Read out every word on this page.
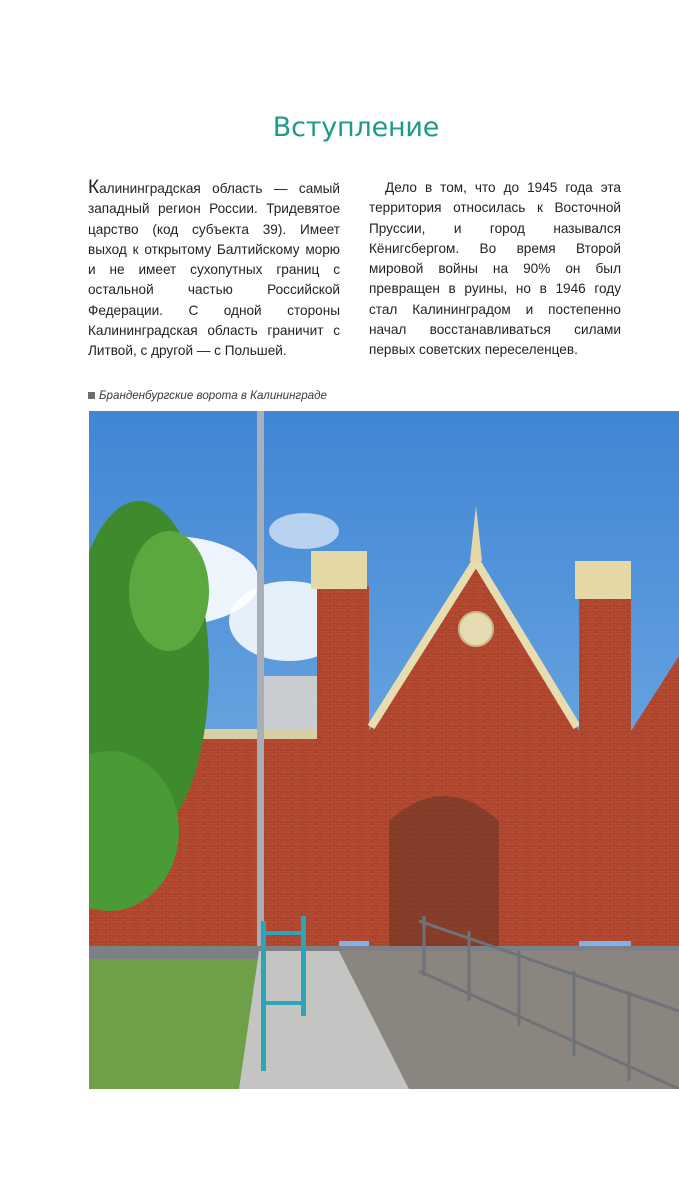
Вступление

Калининградская область — самый западный регион России. Тридевятое царство (код субъекта 39). Имеет выход к открытому Балтийскому морю и не имеет сухопутных границ с остальной частью Российской Федерации. С одной стороны Калининградская область граничит с Литвой, с другой — с Польшей.

Дело в том, что до 1945 года эта территория относилась к Восточной Пруссии, и город назывался Кёнигсбергом. Во время Второй мировой войны на 90% он был превращен в руины, но в 1946 году стал Калининградом и постепенно начал восстанавливаться силами первых советских переселенцев.

Бранденбургские ворота в Калининграде
